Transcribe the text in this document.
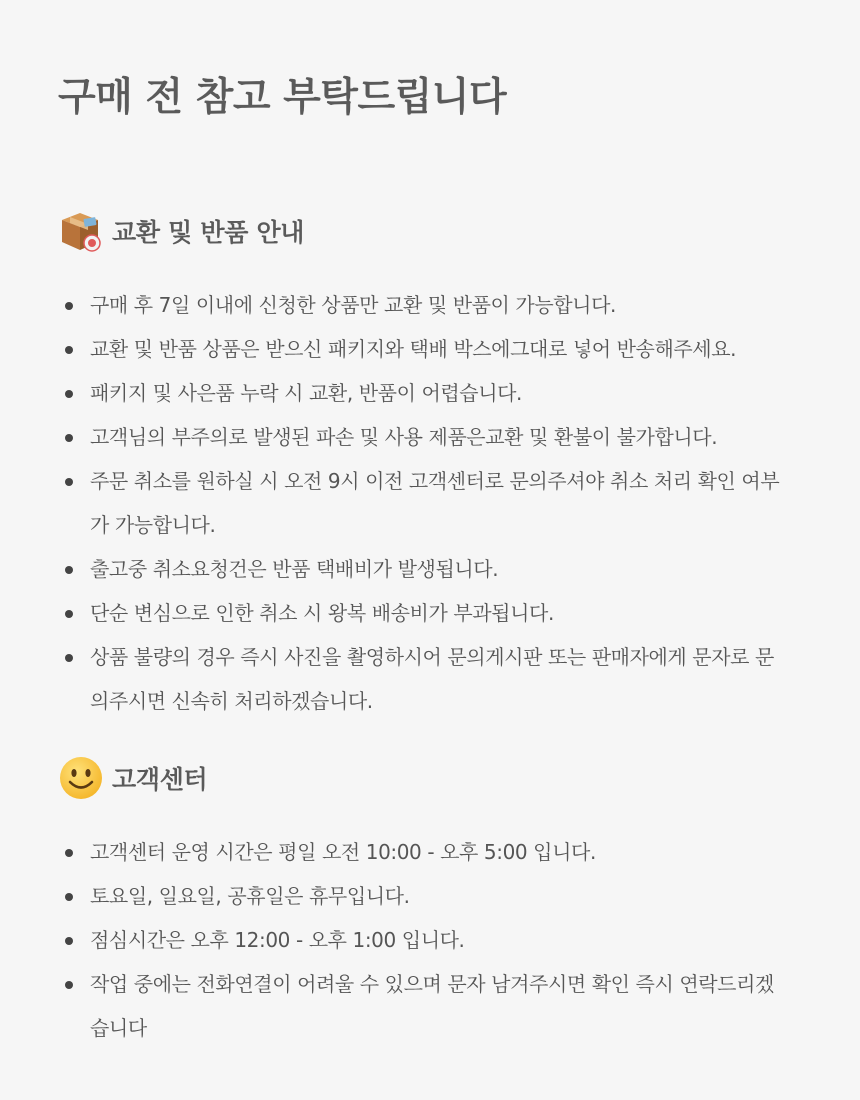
구매 전 참고 부탁드립니다
교환 및 반품 안내
구매 후 7일 이내에 신청한 상품만 교환 및 반품이 가능합니다.
교환 및 반품 상품은 받으신 패키지와 택배 박스에그대로 넣어 반송해주세요.
패키지 및 사은품 누락 시 교환, 반품이 어렵습니다.
고객님의 부주의로 발생된 파손 및 사용 제품은교환 및 환불이 불가합니다.
주문 취소를 원하실 시 오전 9시 이전 고객센터로 문의주셔야 취소 처리 확인 여부가 가능합니다.
출고중 취소요청건은 반품 택배비가 발생됩니다.
단순 변심으로 인한 취소 시 왕복 배송비가 부과됩니다.
상품 불량의 경우 즉시 사진을 촬영하시어 문의게시판 또는 판매자에게 문자로 문의주시면 신속히 처리하겠습니다.
고객센터
고객센터 운영 시간은 평일 오전 10:00 - 오후 5:00 입니다.
토요일, 일요일, 공휴일은 휴무입니다.
점심시간은 오후 12:00 - 오후 1:00 입니다.
작업 중에는 전화연결이 어려울 수 있으며 문자 남겨주시면 확인 즉시 연락드리겠습니다
